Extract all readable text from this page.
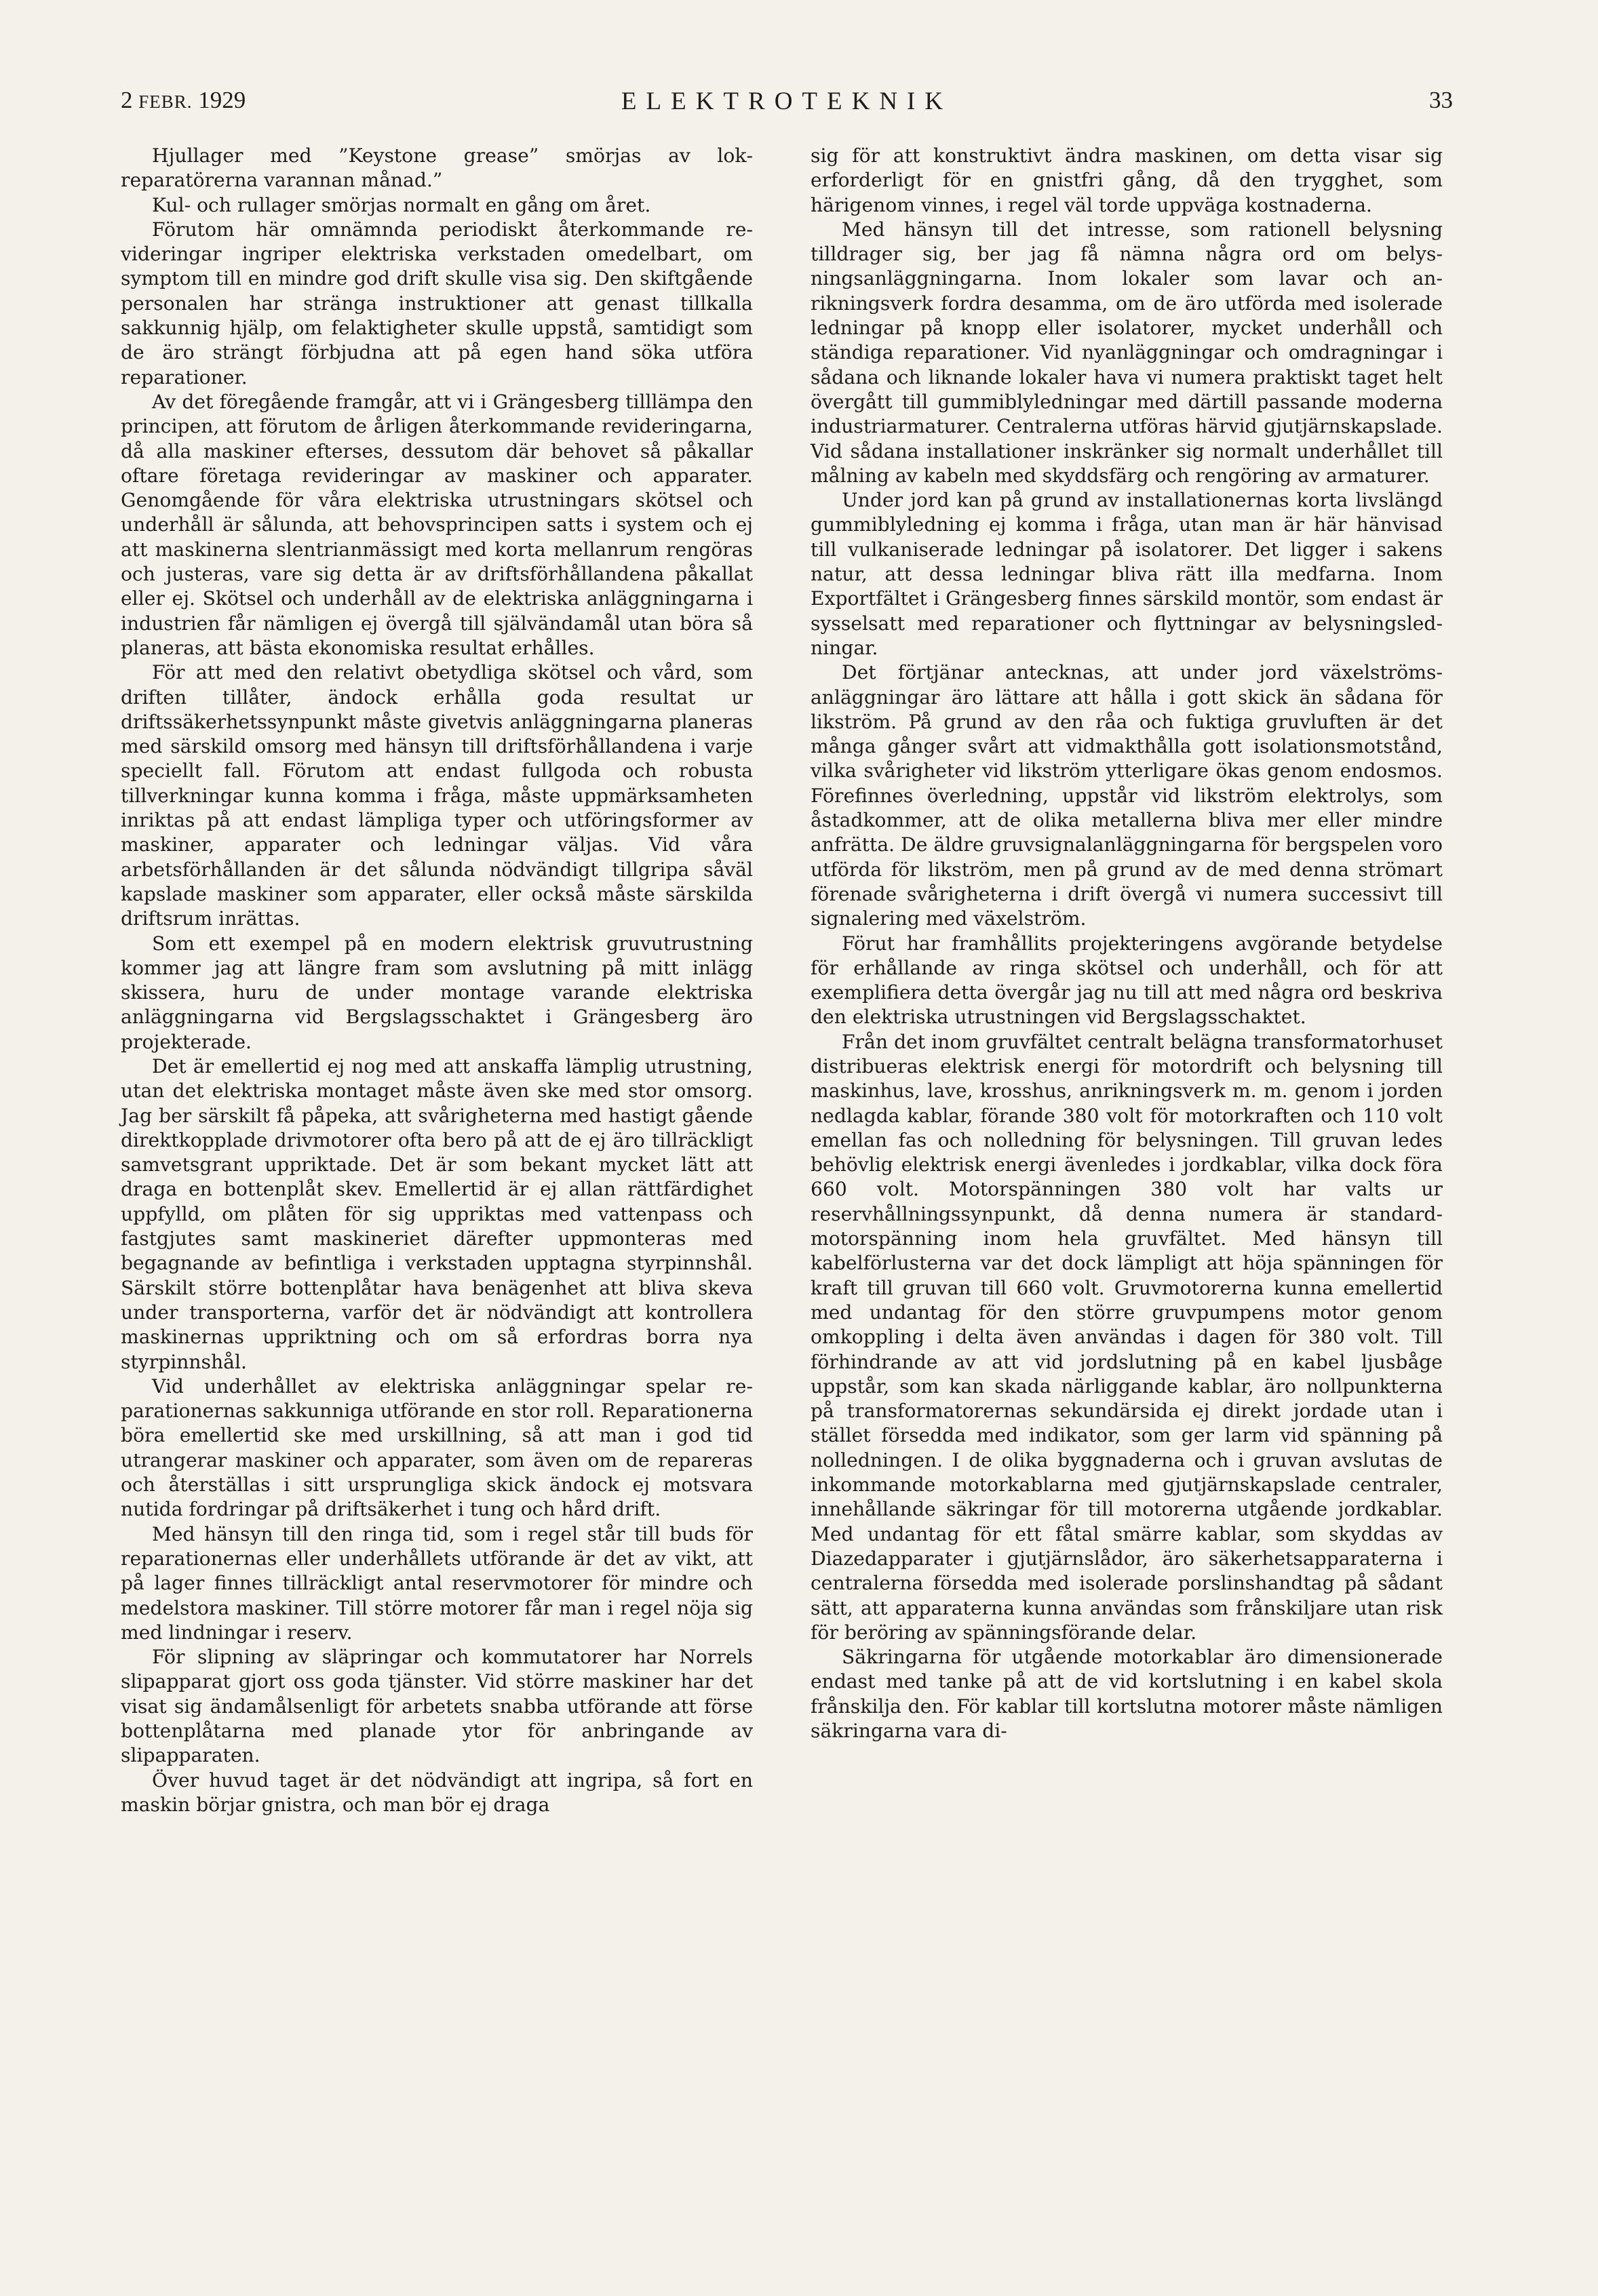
2 FEBR. 1929	ELEKTROTEKNIK	33

Hjullager med ”Keystone grease” smörjas av lokreparatörerna varannan månad.”

Kul- och rullager smörjas normalt en gång om året.

Förutom här omnämnda periodiskt återkommande revideringar ingriper elektriska verkstaden omedelbart, om symptom till en mindre god drift skulle visa sig. Den skiftgående personalen har stränga instruktioner att genast tillkalla sakkunnig hjälp, om felaktigheter skulle uppstå, samtidigt som de äro strängt förbjudna att på egen hand söka utföra reparationer.

Av det föregående framgår, att vi i Grängesberg tilllämpa den principen, att förutom de årligen återkommande revideringarna, då alla maskiner efterses, dessutom där behovet så påkallar oftare företaga revideringar av maskiner och apparater. Genomgående för våra elektriska utrustningars skötsel och underhåll är sålunda, att behovsprincipen satts i system och ej att maskinerna slentrianmässigt med korta mellanrum rengöras och justeras, vare sig detta är av driftsförhållandena påkallat eller ej. Skötsel och underhåll av de elektriska anläggningarna i industrien får nämligen ej övergå till självändamål utan böra så planeras, att bästa ekonomiska resultat erhålles.

För att med den relativt obetydliga skötsel och vård, som driften tillåter, ändock erhålla goda resultat ur driftssäkerhetssynpunkt måste givetvis anläggningarna planeras med särskild omsorg med hänsyn till driftsförhållandena i varje speciellt fall. Förutom att endast fullgoda och robusta tillverkningar kunna komma i fråga, måste uppmärksamheten inriktas på att endast lämpliga typer och utföringsformer av maskiner, apparater och ledningar väljas. Vid våra arbetsförhållanden är det sålunda nödvändigt tillgripa såväl kapslade maskiner som apparater, eller också måste särskilda driftsrum inrättas.

Som ett exempel på en modern elektrisk gruvutrustning kommer jag att längre fram som avslutning på mitt inlägg skissera, huru de under montage varande elektriska anläggningarna vid Bergslagsschaktet i Grängesberg äro projekterade.

Det är emellertid ej nog med att anskaffa lämplig utrustning, utan det elektriska montaget måste även ske med stor omsorg. Jag ber särskilt få påpeka, att svårigheterna med hastigt gående direktkopplade drivmotorer ofta bero på att de ej äro tillräckligt samvetsgrant uppriktade. Det är som bekant mycket lätt att draga en bottenplåt skev. Emellertid är ej allan rättfärdighet uppfylld, om plåten för sig uppriktas med vattenpass och fastgjutes samt maskineriet därefter uppmonteras med begagnande av befintliga i verkstaden upptagna styrpinnshål. Särskilt större bottenplåtar hava benägenhet att bliva skeva under transporterna, varför det är nödvändigt att kontrollera maskinernas uppriktning och om så erfordras borra nya styrpinnshål.

Vid underhållet av elektriska anläggningar spelar reparationernas sakkunniga utförande en stor roll. Reparationerna böra emellertid ske med urskillning, så att man i god tid utrangerar maskiner och apparater, som även om de repareras och återställas i sitt ursprungliga skick ändock ej motsvara nutida fordringar på driftsäkerhet i tung och hård drift.

Med hänsyn till den ringa tid, som i regel står till buds för reparationernas eller underhållets utförande är det av vikt, att på lager finnes tillräckligt antal reservmotorer för mindre och medelstora maskiner. Till större motorer får man i regel nöja sig med lindningar i reserv.

För slipning av släpringar och kommutatorer har Norrels slipapparat gjort oss goda tjänster. Vid större maskiner har det visat sig ändamålsenligt för arbetets snabba utförande att förse bottenplåtarna med planade ytor för anbringande av slipapparaten.

Över huvud taget är det nödvändigt att ingripa, så fort en maskin börjar gnistra, och man bör ej draga

sig för att konstruktivt ändra maskinen, om detta visar sig erforderligt för en gnistfri gång, då den trygghet, som härigenom vinnes, i regel väl torde uppväga kostnaderna.

Med hänsyn till det intresse, som rationell belysning tilldrager sig, ber jag få nämna några ord om belysningsanläggningarna. Inom lokaler som lavar och anrikningsverk fordra desamma, om de äro utförda med isolerade ledningar på knopp eller isolatorer, mycket underhåll och ständiga reparationer. Vid nyanläggningar och omdragningar i sådana och liknande lokaler hava vi numera praktiskt taget helt övergått till gummiblyledningar med därtill passande moderna industriarmaturer. Centralerna utföras härvid gjutjärnskapslade. Vid sådana installationer inskränker sig normalt underhållet till målning av kabeln med skyddsfärg och rengöring av armaturer.

Under jord kan på grund av installationernas korta livslängd gummiblyledning ej komma i fråga, utan man är här hänvisad till vulkaniserade ledningar på isolatorer. Det ligger i sakens natur, att dessa ledningar bliva rätt illa medfarna. Inom Exportfältet i Grängesberg finnes särskild montör, som endast är sysselsatt med reparationer och flyttningar av belysningsledningar.

Det förtjänar antecknas, att under jord växelströmsanläggningar äro lättare att hålla i gott skick än sådana för likström. På grund av den råa och fuktiga gruvluften är det många gånger svårt att vidmakthålla gott isolationsmotstånd, vilka svårigheter vid likström ytterligare ökas genom endosmos. Förefinnes överledning, uppstår vid likström elektrolys, som åstadkommer, att de olika metallerna bliva mer eller mindre anfrätta. De äldre gruvsignalanläggningarna för bergspelen voro utförda för likström, men på grund av de med denna strömart förenade svårigheterna i drift övergå vi numera successivt till signalering med växelström.

Förut har framhållits projekteringens avgörande betydelse för erhållande av ringa skötsel och underhåll, och för att exemplifiera detta övergår jag nu till att med några ord beskriva den elektriska utrustningen vid Bergslagsschaktet.

Från det inom gruvfältet centralt belägna transformatorhuset distribueras elektrisk energi för motordrift och belysning till maskinhus, lave, krosshus, anrikningsverk m. m. genom i jorden nedlagda kablar, förande 380 volt för motorkraften och 110 volt emellan fas och nolledning för belysningen. Till gruvan ledes behövlig elektrisk energi ävenledes i jordkablar, vilka dock föra 660 volt. Motorspänningen 380 volt har valts ur reservhållningssynpunkt, då denna numera är standard-motorspänning inom hela gruvfältet. Med hänsyn till kabelförlusterna var det dock lämpligt att höja spänningen för kraft till gruvan till 660 volt. Gruvmotorerna kunna emellertid med undantag för den större gruvpumpens motor genom omkoppling i delta även användas i dagen för 380 volt. Till förhindrande av att vid jordslutning på en kabel ljusbåge uppstår, som kan skada närliggande kablar, äro nollpunkterna på transformatorernas sekundärsida ej direkt jordade utan i stället försedda med indikator, som ger larm vid spänning på nolledningen. I de olika byggnaderna och i gruvan avslutas de inkommande motorkablarna med gjutjärnskapslade centraler, innehållande säkringar för till motorerna utgående jordkablar. Med undantag för ett fåtal smärre kablar, som skyddas av Diazedapparater i gjutjärnslådor, äro säkerhetsapparaterna i centralerna försedda med isolerade porslinshandtag på sådant sätt, att apparaterna kunna användas som frånskiljare utan risk för beröring av spänningsförande delar.

Säkringarna för utgående motorkablar äro dimensionerade endast med tanke på att de vid kortslutning i en kabel skola frånskilja den. För kablar till kortslutna motorer måste nämligen säkringarna vara di-
